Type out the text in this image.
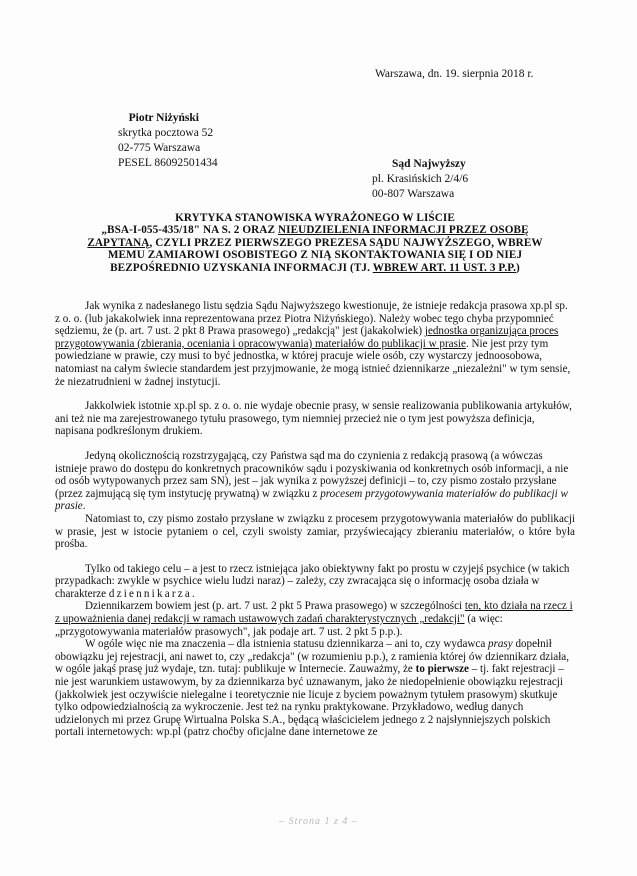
Warszawa, dn. 19. sierpnia 2018 r.
Piotr Niżyński
skrytka pocztowa 52
02-775 Warszawa
PESEL 86092501434	Sąd Najwyższy
pl. Krasińskich 2/4/6
00-807 Warszawa
KRYTYKA STANOWISKA WYRAŻONEGO W LIŚCIE
„BSA-I-055-435/18" NA S. 2 ORAZ NIEUDZIELENIA INFORMACJI PRZEZ OSOBĘ
ZAPYTANĄ, CZYLI PRZEZ PIERWSZEGO PREZESA SĄDU NAJWYŻSZEGO, WBREW
MEMU ZAMIAROWI OSOBISTEGO Z NIĄ SKONTAKTOWANIA SIĘ I OD NIEJ
BEZPOŚREDNIO UZYSKANIA INFORMACJI (TJ. WBREW ART. 11 UST. 3 P.P.)

Jak wynika z nadesłanego listu sędzia Sądu Najwyższego kwestionuje, że istnieje redakcja prasowa xp.pl sp. z o. o. (lub jakakolwiek inna reprezentowana przez Piotra Niżyńskiego). Należy wobec tego chyba przypomnieć sędziemu, że (p. art. 7 ust. 2 pkt 8 Prawa prasowego) „redakcją" jest (jakakolwiek) jednostka organizująca proces przygotowywania (zbierania, oceniania i opracowywania) materiałów do publikacji w prasie. Nie jest przy tym powiedziane w prawie, czy musi to być jednostka, w której pracuje wiele osób, czy wystarczy jednoosobowa, natomiast na całym świecie standardem jest przyjmowanie, że mogą istnieć dziennikarze „niezależni" w tym sensie, że niezatrudnieni w żadnej instytucji.

Jakkolwiek istotnie xp.pl sp. z o. o. nie wydaje obecnie prasy, w sensie realizowania publikowania artykułów, ani też nie ma zarejestrowanego tytułu prasowego, tym niemniej przecież nie o tym jest powyższa definicja, napisana podkreślonym drukiem.

Jedyną okolicznością rozstrzygającą, czy Państwa sąd ma do czynienia z redakcją prasową (a wówczas istnieje prawo do dostępu do konkretnych pracowników sądu i pozyskiwania od konkretnych osób informacji, a nie od osób wytypowanych przez sam SN), jest – jak wynika z powyższej definicji – to, czy pismo zostało przysłane (przez zajmującą się tym instytucję prywatną) w związku z procesem przygotowywania materiałów do publikacji w prasie.

Natomiast to, czy pismo zostało przysłane w związku z procesem przygotowywania materiałów do publikacji w prasie, jest w istocie pytaniem o cel, czyli swoisty zamiar, przyświecający zbieraniu materiałów, o które była prośba.

Tylko od takiego celu – a jest to rzecz istniejąca jako obiektywny fakt po prostu w czyjejś psychice (w takich przypadkach: zwykle w psychice wielu ludzi naraz) – zależy, czy zwracająca się o informację osoba działa w charakterze dziennikarza.

Dziennikarzem bowiem jest (p. art. 7 ust. 2 pkt 5 Prawa prasowego) w szczególności ten, kto działa na rzecz i z upoważnienia danej redakcji w ramach ustawowych zadań charakterystycznych „redakcji" (a więc: „przygotowywania materiałów prasowych", jak podaje art. 7 ust. 2 pkt 5 p.p.).

W ogóle więc nie ma znaczenia – dla istnienia statusu dziennikarza – ani to, czy wydawca prasy dopełnił obowiązku jej rejestracji, ani nawet to, czy „redakcja" (w rozumieniu p.p.), z ramienia której ów dziennikarz działa, w ogóle jakąś prasę już wydaje, tzn. tutaj: publikuje w Internecie. Zauważmy, że to pierwsze – tj. fakt rejestracji – nie jest warunkiem ustawowym, by za dziennikarza być uznawanym, jako że niedopełnienie obowiązku rejestracji (jakkolwiek jest oczywiście nielegalne i teoretycznie nie licuje z byciem poważnym tytułem prasowym) skutkuje tylko odpowiedzialnością za wykroczenie. Jest też na rynku praktykowane. Przykładowo, według danych udzielonych mi przez Grupę Wirtualna Polska S.A., będącą właścicielem jednego z 2 najsłynniejszych polskich portali internetowych: wp.pl (patrz choćby oficjalne dane internetowe ze

– Strona 1 z 4 –
